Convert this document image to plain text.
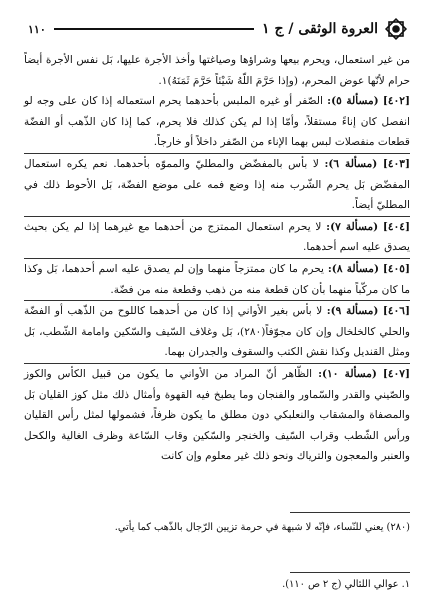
العروة الوثقى / ج ١
١١٠

من غير استعمال، ويحرم بيعها وشراؤها وصياغتها وأخذ الأجرة عليها، بَل نفس الأجرة أيضاً حرام لأنّها عوض المحرم، (وإذا حَرَّمَ اللّهُ شَيْئاً حَرَّمَ ثَمَنَهُ)١.

[٤٠٢] (مسألة ٥): الصّفر أو غيره الملبس بأحدهما يحرم استعماله إذا كان على وجه لو انفصل كان إناءً مستقلاً، وأمّا إذا لم يكن كذلك فلا يحرم، كما إذا كان الذّهب أو الفضّة قطعات منفصلات لبس بهما الإناء من الصّفر داخلاً أو خارجاً.

[٤٠٣] (مسألة ٦): لا بأس بالمفضّض والمطليّ والمموّه بأحدهما. نعم يكره استعمال المفضّض بَل يحرم الشّرب منه إذا وضع فمه على موضع الفضّة، بَل الأحوط ذلك في المطليّ أيضاً.

[٤٠٤] (مسألة ٧): لا يحرم استعمال الممتزج من أحدهما مع غيرهما إذا لم يكن بحيث يصدق عليه اسم أحدهما.

[٤٠٥] (مسألة ٨): يحرم ما كان ممتزجاً منهما وإن لم يصدق عليه اسم أحدهما، بَل وكذا ما كان مركّباً منهما بأن كان قطعة منه من ذهب وقطعة منه من فضّة.

[٤٠٦] (مسألة ٩): لا بأس بغير الأواني إذا كان من أحدهما كاللوح من الذّهب أو الفضّة والحلي كالخلخال وإن كان مجوّفاً(٢٨٠)، بَل وغلاف السّيف والسّكين وامامة الشّطب، بَل ومثل القنديل وكذا نقش الكتب والسقوف والجدران بهما.

[٤٠٧] (مسألة ١٠): الظّاهر أنّ المراد من الأواني ما يكون من قبيل الكأس والكوز والصّيني والقدر والسّماور والفنجان وما يطبخ فيه القهوة وأمثال ذلك مثل كوز القليان بَل والمصفاة والمشقاب والنعلبكي دون مطلق ما يكون ظرفاً، فشمولها لمثل رأس القليان ورأس الشّطب وقراب السّيف والخنجر والسّكين وقاب السّاعة وظرف الغالية والكحل والعنبر والمعجون والترياك ونحو ذلك غير معلوم وإن كانت

(٢٨٠) يعني للنّساء، فإنّه لا شبهة في حرمة تزيين الرّجال بالذّهب كما يأتي.
١. عوالي اللئالي (ج ٢ ص ١١٠).
